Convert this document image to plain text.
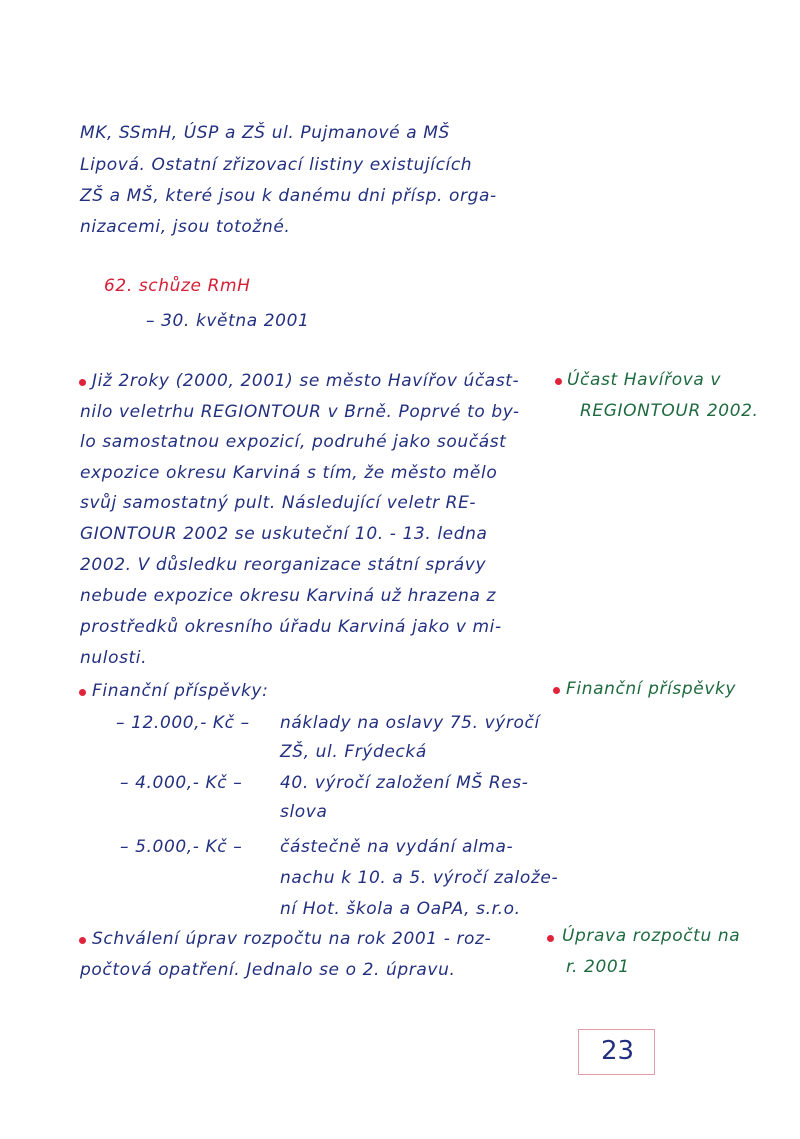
MK, SSmH, ÚSP a ZŠ ul. Pujmanové a MŠ

Lipová. Ostatní zřizovací listiny existujících

ZŠ a MŠ, které jsou k danému dni přísp. orga-

nizacemi, jsou totožné.

62. schůze RmH

– 30. května 2001

Již 2roky (2000, 2001) se město Havířov účast-

nilo veletrhu REGIONTOUR v Brně. Poprvé to by-

lo samostatnou expozicí, podruhé jako součást

expozice okresu Karviná s tím, že město mělo

svůj samostatný pult. Následující veletr RE-

GIONTOUR 2002 se uskuteční 10. - 13. ledna

2002. V důsledku reorganizace státní správy

nebude expozice okresu Karviná už hrazena z

prostředků okresního úřadu Karviná jako v mi-

nulosti.

Účast Havířova v

REGIONTOUR 2002.

Finanční příspěvky:

– 12.000,- Kč – náklady na oslavy 75. výročí

ZŠ, ul. Frýdecká

– 4.000,- Kč – 40. výročí založení MŠ Res-

slova

– 5.000,- Kč – částečně na vydání alma-

nachu k 10. a 5. výročí založe-

ní Hot. škola a OaPA, s.r.o.

Finanční příspěvky

Schválení úprav rozpočtu na rok 2001 - roz-

počtová opatření. Jednalo se o 2. úpravu.

Úprava rozpočtu na

r. 2001

23
